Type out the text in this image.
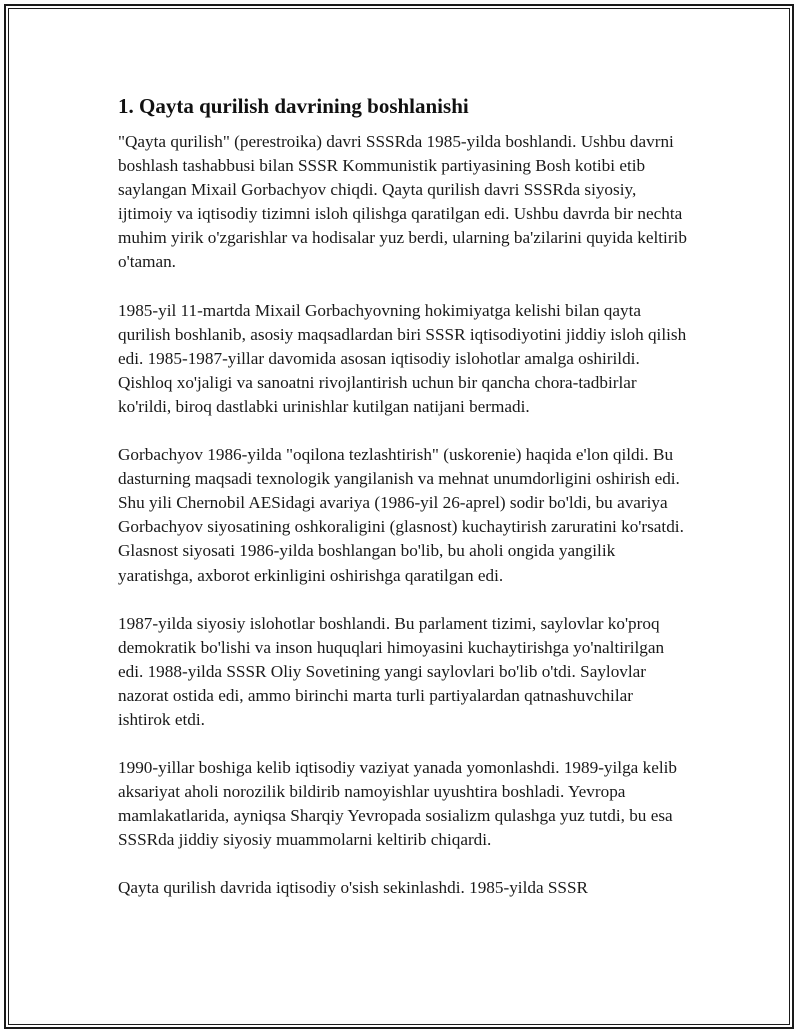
1. Qayta qurilish davrining boshlanishi

"Qayta qurilish" (perestroika) davri SSSRda 1985-yilda boshlandi. Ushbu davrni boshlash tashabbusi bilan SSSR Kommunistik partiyasining Bosh kotibi etib saylangan Mixail Gorbachyov chiqdi. Qayta qurilish davri SSSRda siyosiy, ijtimoiy va iqtisodiy tizimni isloh qilishga qaratilgan edi. Ushbu davrda bir nechta muhim yirik o'zgarishlar va hodisalar yuz berdi, ularning ba'zilarini quyida keltirib o'taman.

1985-yil 11-martda Mixail Gorbachyovning hokimiyatga kelishi bilan qayta qurilish boshlanib, asosiy maqsadlardan biri SSSR iqtisodiyotini jiddiy isloh qilish edi. 1985-1987-yillar davomida asosan iqtisodiy islohotlar amalga oshirildi. Qishloq xo'jaligi va sanoatni rivojlantirish uchun bir qancha chora-tadbirlar ko'rildi, biroq dastlabki urinishlar kutilgan natijani bermadi.

Gorbachyov 1986-yilda "oqilona tezlashtirish" (uskorenie) haqida e'lon qildi. Bu dasturning maqsadi texnologik yangilanish va mehnat unumdorligini oshirish edi. Shu yili Chernobil AESidagi avariya (1986-yil 26-aprel) sodir bo'ldi, bu avariya Gorbachyov siyosatining oshkoraligini (glasnost) kuchaytirish zaruratini ko'rsatdi. Glasnost siyosati 1986-yilda boshlangan bo'lib, bu aholi ongida yangilik yaratishga, axborot erkinligini oshirishga qaratilgan edi.

1987-yilda siyosiy islohotlar boshlandi. Bu parlament tizimi, saylovlar ko'proq demokratik bo'lishi va inson huquqlari himoyasini kuchaytirishga yo'naltirilgan edi. 1988-yilda SSSR Oliy Sovetining yangi saylovlari bo'lib o'tdi. Saylovlar nazorat ostida edi, ammo birinchi marta turli partiyalardan qatnashuvchilar ishtirok etdi.

1990-yillar boshiga kelib iqtisodiy vaziyat yanada yomonlashdi. 1989-yilga kelib aksariyat aholi norozilik bildirib namoyishlar uyushtira boshladi. Yevropa mamlakatlarida, ayniqsa Sharqiy Yevropada sosializm qulashga yuz tutdi, bu esa SSSRda jiddiy siyosiy muammolarni keltirib chiqardi.

Qayta qurilish davrida iqtisodiy o'sish sekinlashdi. 1985-yilda SSSR
